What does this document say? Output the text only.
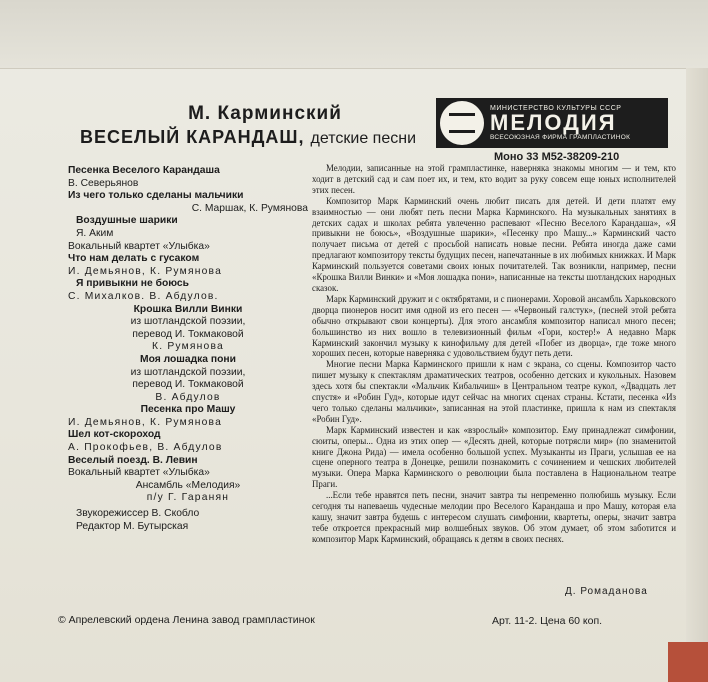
М. Карминский
ВЕСЕЛЫЙ КАРАНДАШ, детские песни
МИНИСТЕРСТВО КУЛЬТУРЫ СССР
МЕЛОДИЯ
ВСЕСОЮЗНАЯ ФИРМА ГРАМПЛАСТИНОК
Моно 33 М52-38209-210
Песенка Веселого Карандаша
В. Северьянов
Из чего только сделаны мальчики
С. Маршак, К. Румянова
Воздушные шарики
Я. Аким
Вокальный квартет «Улыбка»
Что нам делать с гусаком
И. Демьянов, К. Румянова
Я привыкни не боюсь
С. Михалков. В. Абдулов.
Крошка Вилли Винки
из шотландской поэзии,
перевод И. Токмаковой
К. Румянова
Моя лошадка пони
из шотландской поэзии,
перевод И. Токмаковой
В. Абдулов
Песенка про Машу
И. Демьянов, К. Румянова
Шел кот-скороход
А. Прокофьев, В. Абдулов
Веселый поезд. В. Левин
Вокальный квартет «Улыбка»
Ансамбль «Мелодия»
п/у Г. Гаранян
Звукорежиссер В. Скобло
Редактор М. Бутырская

Мелодии, записанные на этой грампластинке, наверняка знакомы многим — и тем, кто ходит в детский сад и сам поет их, и тем, кто водит за руку совсем еще юных исполнителей этих песен.

Композитор Марк Карминский очень любит писать для детей. И дети платят ему взаимностью — они любят петь песни Марка Карминского. На музыкальных занятиях в детских садах и школах ребята увлеченно распевают «Песню Веселого Карандаша», «Я привыкни не боюсь», «Воздушные шарики», «Песенку про Машу...» Карминский часто получает письма от детей с просьбой написать новые песни. Ребята иногда даже сами предлагают композитору тексты будущих песен, напечатанные в их любимых книжках. И Марк Карминский пользуется советами своих юных почитателей. Так возникли, например, песни «Крошка Вилли Винки» и «Моя лошадка пони», написанные на тексты шотландских народных сказок.

Марк Карминский дружит и с октябрятами, и с пионерами. Хоровой ансамбль Харьковского дворца пионеров носит имя одной из его песен — «Червоный галстук», (песней этой ребята обычно открывают свои концерты). Для этого ансамбля композитор написал много песен; большинство из них вошло в телевизионный фильм «Гори, костер!» А недавно Марк Карминский закончил музыку к кинофильму для детей «Побег из дворца», где тоже много хороших песен, которые наверняка с удовольствием будут петь дети.

Многие песни Марка Карминского пришли к нам с экрана, со сцены. Композитор часто пишет музыку к спектаклям драматических театров, особенно детских и кукольных. Назовем здесь хотя бы спектакли «Мальчик Кибальчиш» в Центральном театре кукол, «Двадцать лет спустя» и «Робин Гуд», которые идут сейчас на многих сценах страны. Кстати, песенка «Из чего только сделаны мальчики», записанная на этой пластинке, пришла к нам из спектакля «Робин Гуд».

Марк Карминский известен и как «взрослый» композитор. Ему принадлежат симфонии, сюиты, оперы... Одна из этих опер — «Десять дней, которые потрясли мир» (по знаменитой книге Джона Рида) — имела особенно большой успех. Музыканты из Праги, услышав ее на сцене оперного театра в Донецке, решили познакомить с сочинением и чешских любителей музыки. Опера Марка Карминского о революции была поставлена в Национальном театре Праги.

...Если тебе нравятся петь песни, значит завтра ты непременно полюбишь музыку. Если сегодня ты напеваешь чудесные мелодии про Веселого Карандаша и про Машу, которая ела кашу, значит завтра будешь с интересом слушать симфонии, квартеты, оперы, значит завтра тебе откроется прекрасный мир волшебных звуков. Об этом думает, об этом заботится и композитор Марк Карминский, обращаясь к детям в своих песнях.

Д. Ромаданова
© Апрелевский ордена Ленина завод грампластинок	Арт. 11-2. Цена 60 коп.
